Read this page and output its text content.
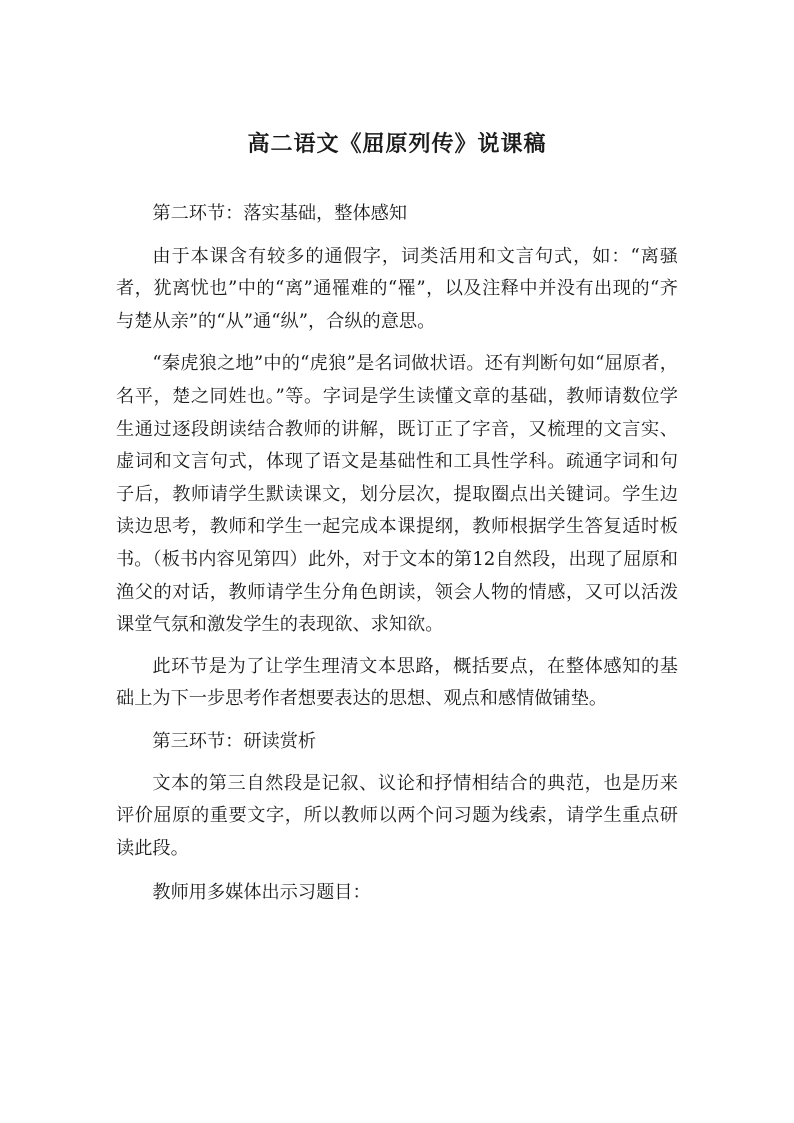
高二语文《屈原列传》说课稿

第二环节：落实基础，整体感知

由于本课含有较多的通假字，词类活用和文言句式，如：“离骚者，犹离忧也”中的“离”通罹难的“罹”，以及注释中并没有出现的“齐与楚从亲”的“从”通“纵”，合纵的意思。

“秦虎狼之地”中的“虎狼”是名词做状语。还有判断句如“屈原者，名平，楚之同姓也。”等。字词是学生读懂文章的基础，教师请数位学生通过逐段朗读结合教师的讲解，既订正了字音，又梳理的文言实、虚词和文言句式，体现了语文是基础性和工具性学科。疏通字词和句子后，教师请学生默读课文，划分层次，提取圈点出关键词。学生边读边思考，教师和学生一起完成本课提纲，教师根据学生答复适时板书。（板书内容见第四）此外，对于文本的第12自然段，出现了屈原和渔父的对话，教师请学生分角色朗读，领会人物的情感，又可以活泼课堂气氛和激发学生的表现欲、求知欲。

此环节是为了让学生理清文本思路，概括要点，在整体感知的基础上为下一步思考作者想要表达的思想、观点和感情做铺垫。

第三环节：研读赏析

文本的第三自然段是记叙、议论和抒情相结合的典范，也是历来评价屈原的重要文字，所以教师以两个问习题为线索，请学生重点研读此段。

教师用多媒体出示习题目：
